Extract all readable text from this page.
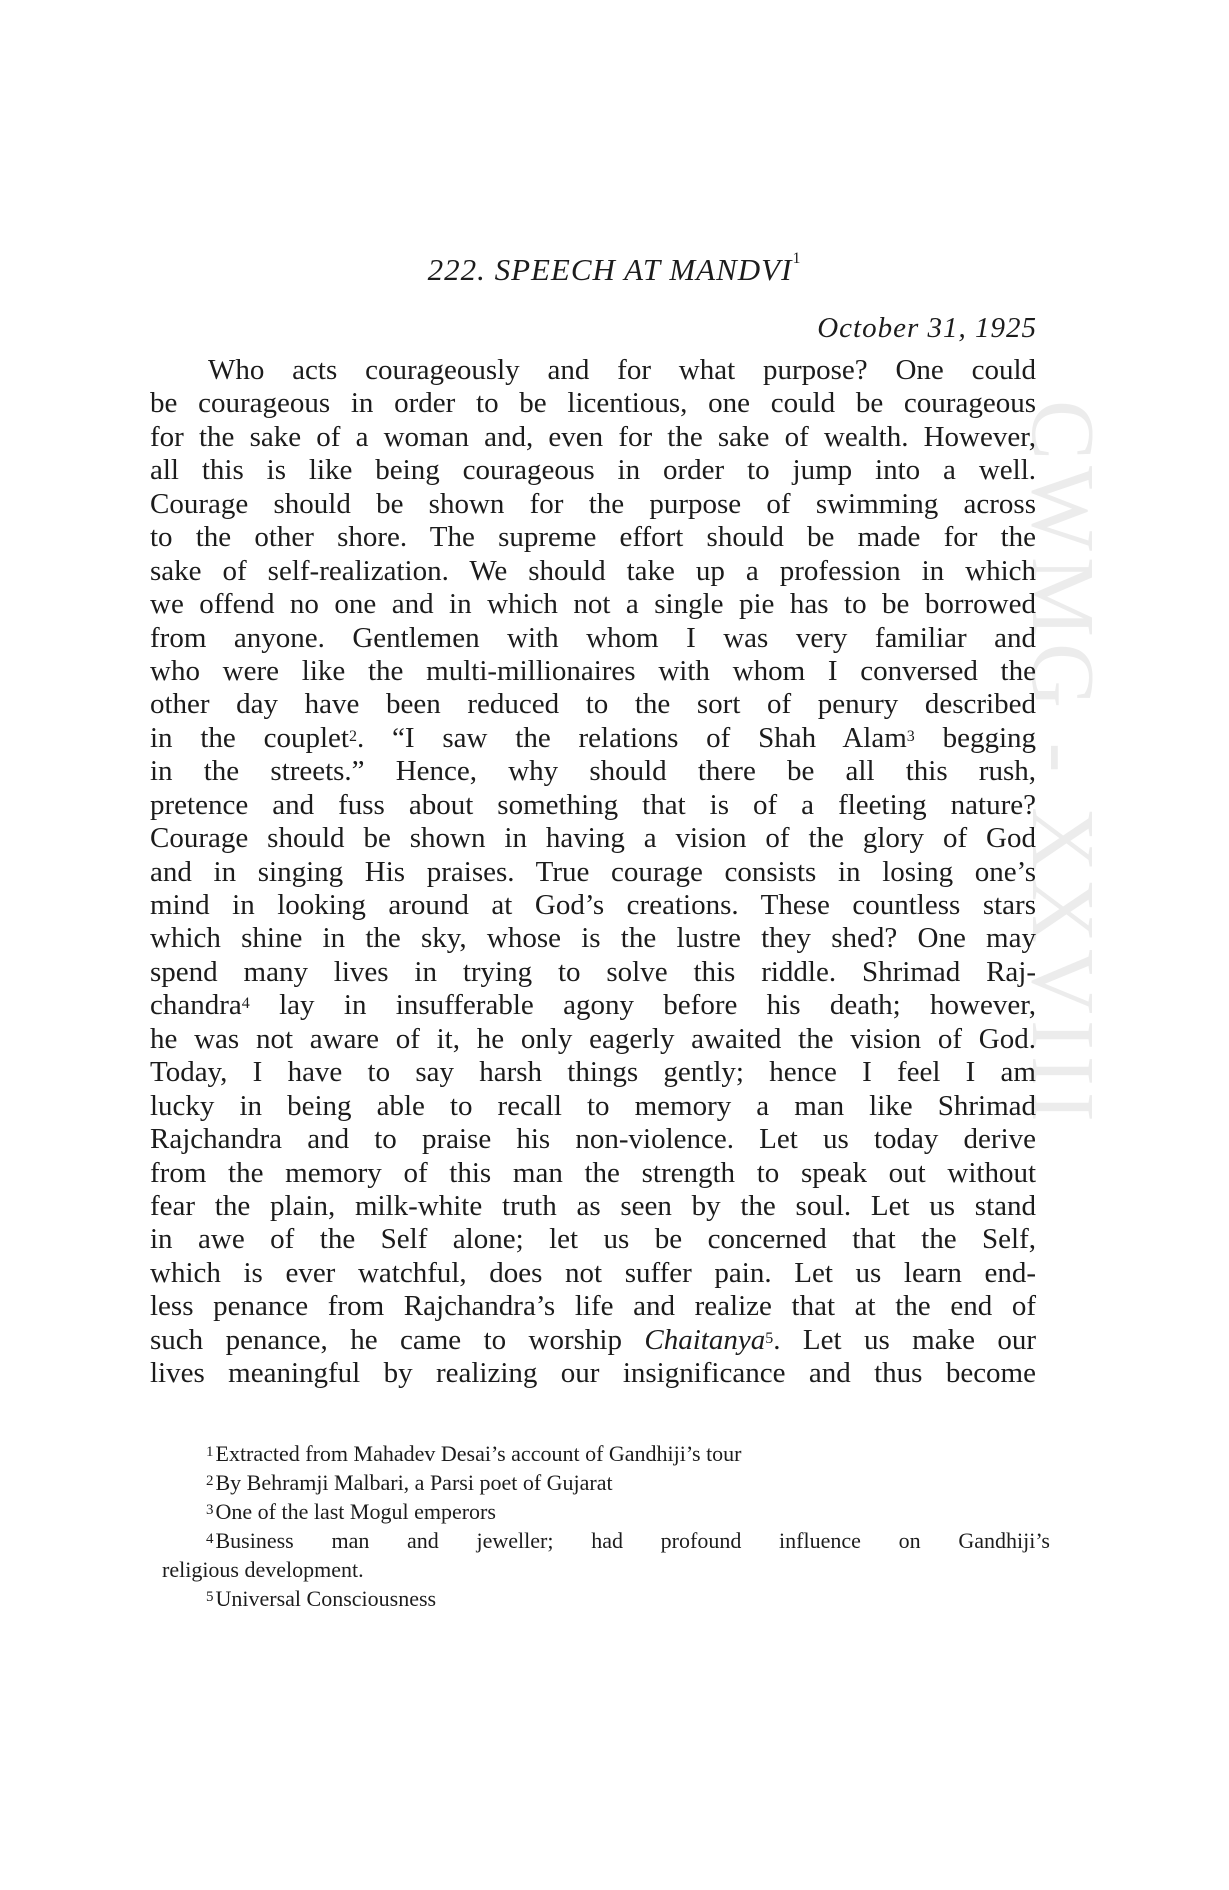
CWMG - XXVIII
222. SPEECH AT MANDVI$^1$
October 31, 1925
Who acts courageously and for what purpose? One could
be courageous in order to be licentious, one could be courageous
for the sake of a woman and, even for the sake of wealth. However,
all this is like being courageous in order to jump into a well.
Courage should be shown for the purpose of swimming across
to the other shore. The supreme effort should be made for the
sake of self-realization. We should take up a profession in which
we offend no one and in which not a single pie has to be borrowed
from anyone. Gentlemen with whom I was very familiar and
who were like the multi-millionaires with whom I conversed the
other day have been reduced to the sort of penury described
in the couplet$^2$. “I saw the relations of Shah Alam$^3$ begging
in the streets.” Hence, why should there be all this rush,
pretence and fuss about something that is of a fleeting nature?
Courage should be shown in having a vision of the glory of God
and in singing His praises. True courage consists in losing one’s
mind in looking around at God’s creations. These countless stars
which shine in the sky, whose is the lustre they shed? One may
spend many lives in trying to solve this riddle. Shrimad Raj-
chandra$^4$ lay in insufferable agony before his death; however,
he was not aware of it, he only eagerly awaited the vision of God.
Today, I have to say harsh things gently; hence I feel I am
lucky in being able to recall to memory a man like Shrimad
Rajchandra and to praise his non-violence. Let us today derive
from the memory of this man the strength to speak out without
fear the plain, milk-white truth as seen by the soul. Let us stand
in awe of the Self alone; let us be concerned that the Self,
which is ever watchful, does not suffer pain. Let us learn end-
less penance from Rajchandra’s life and realize that at the end of
such penance, he came to worship Chaitanya$^5$. Let us make our
lives meaningful by realizing our insignificance and thus become
$^1$Extracted from Mahadev Desai’s account of Gandhiji’s tour
$^2$By Behramji Malbari, a Parsi poet of Gujarat
$^3$One of the last Mogul emperors
$^4$Business man and jeweller; had profound influence on Gandhiji’s
religious development.
$^5$Universal Consciousness
